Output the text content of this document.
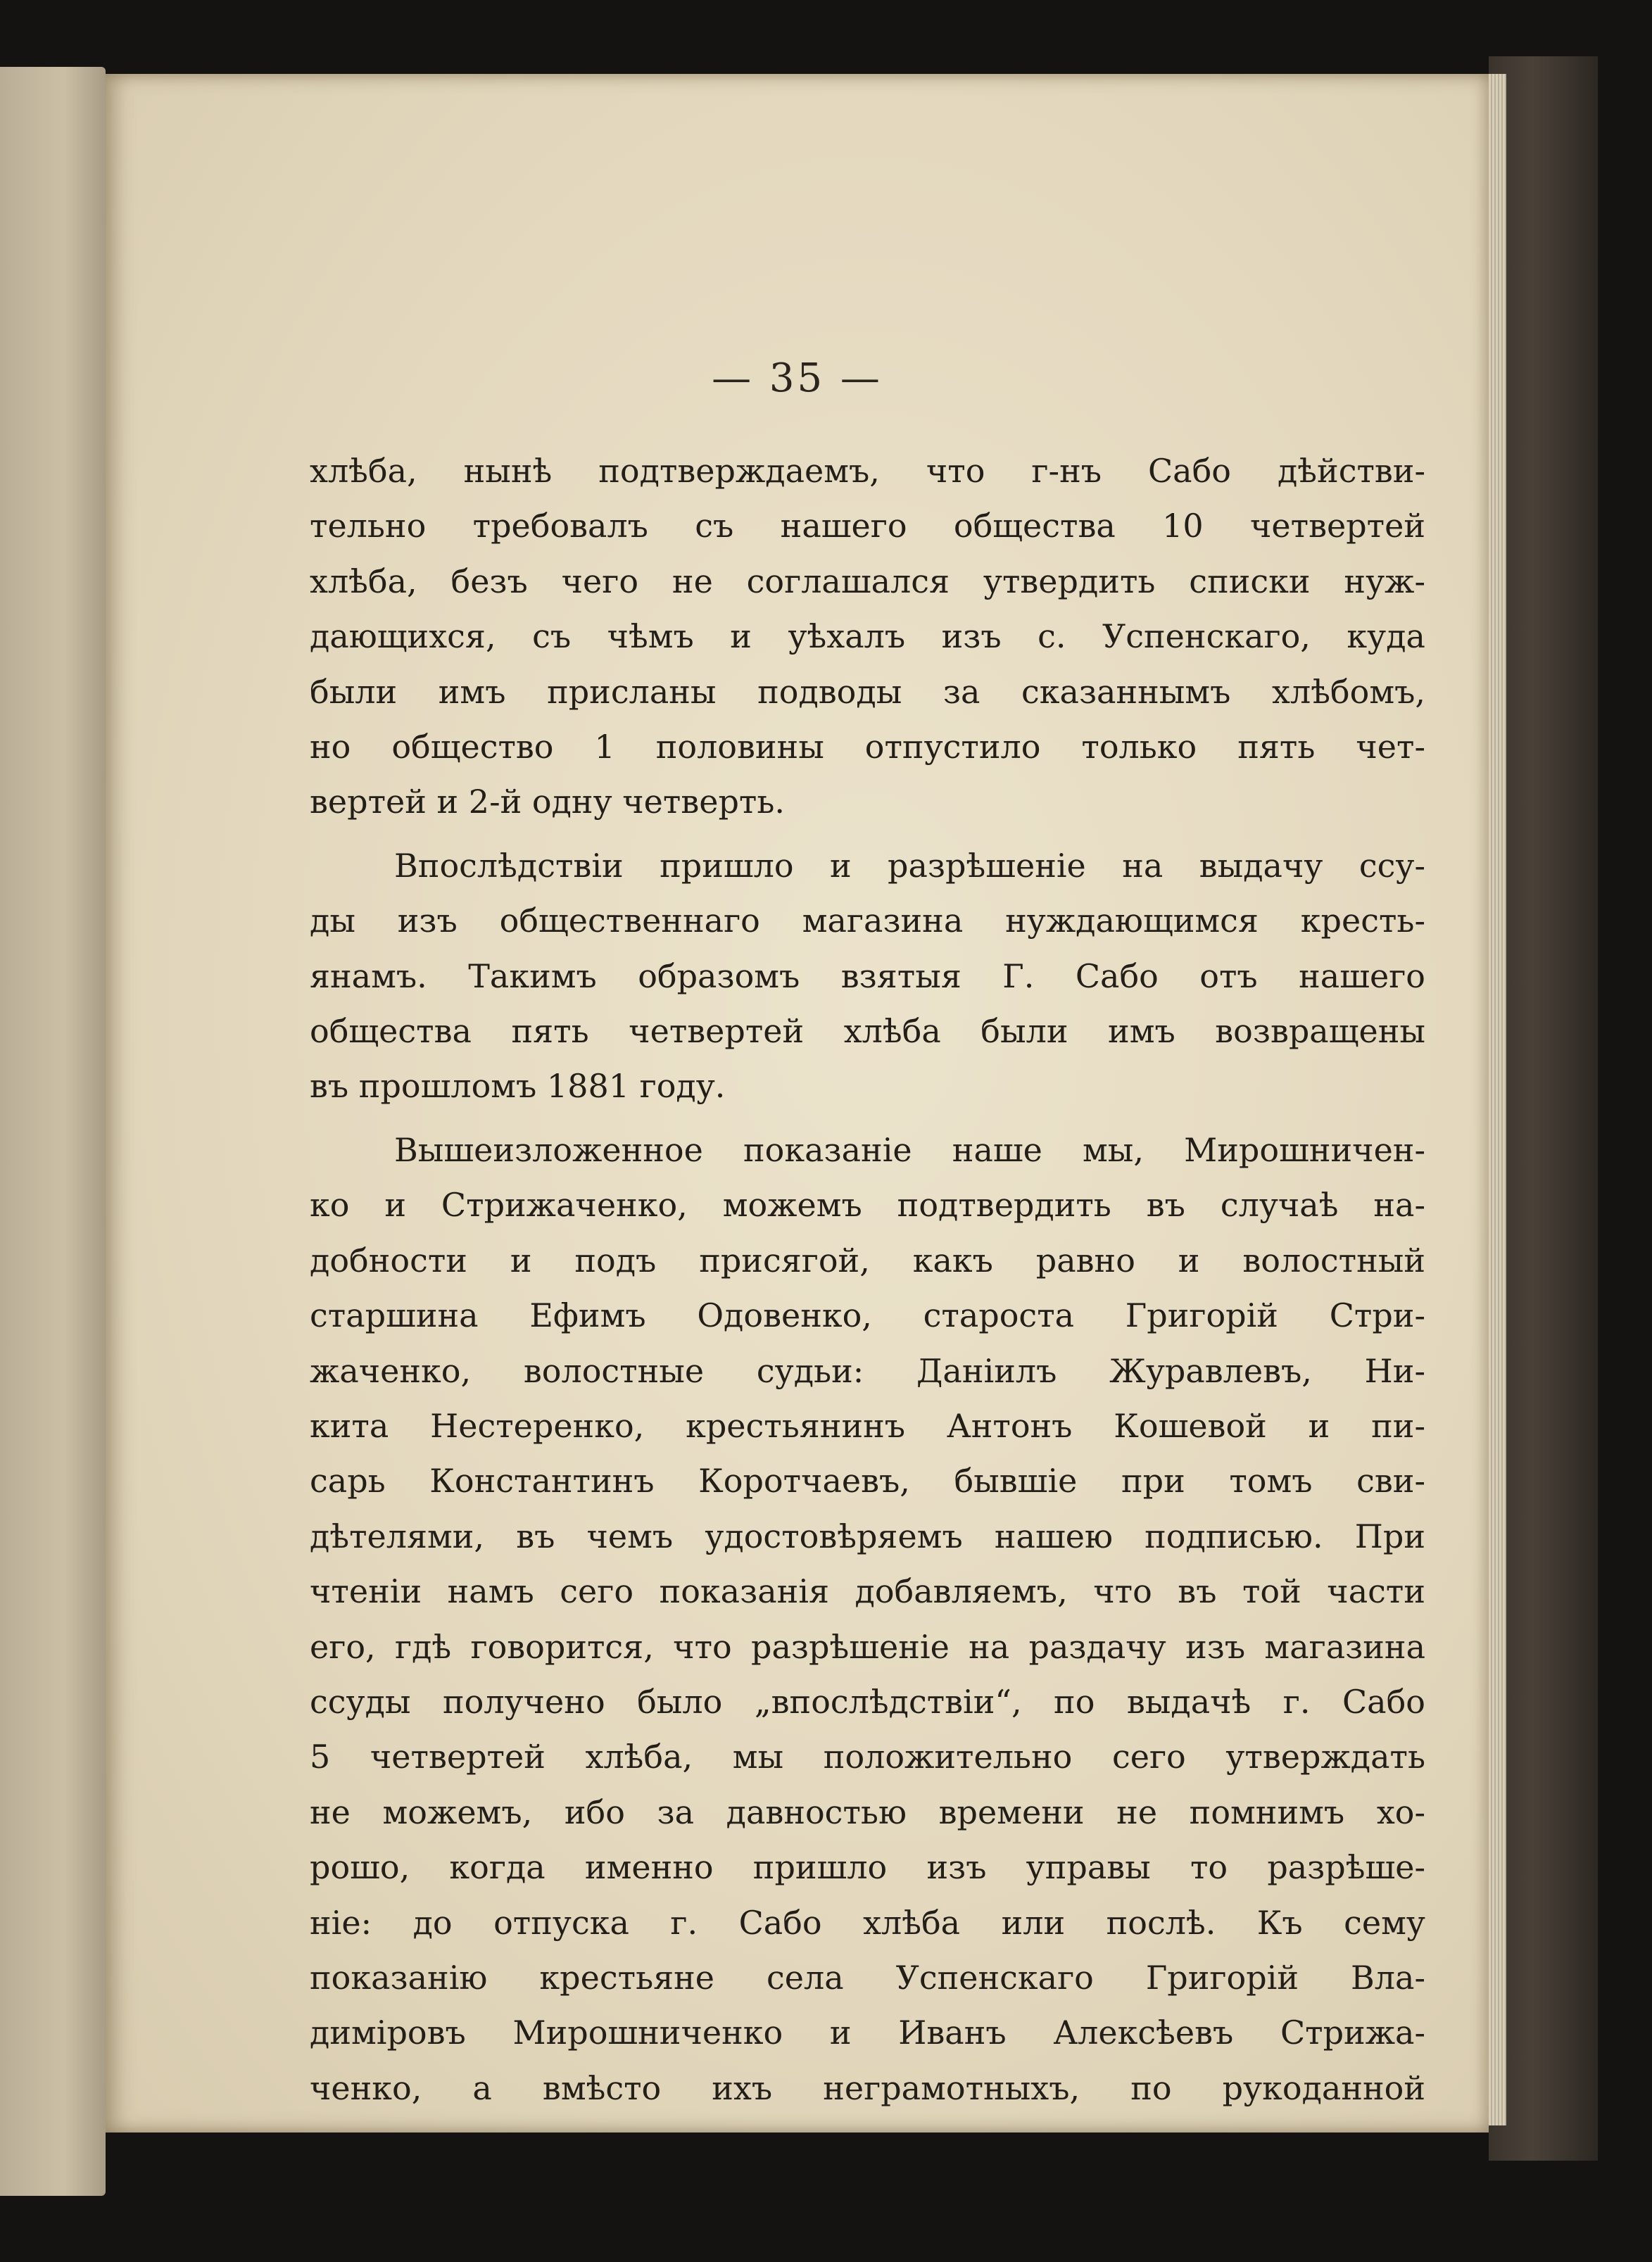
— 35 —

хлѣба, нынѣ подтверждаемъ, что г-нъ Сабо дѣйстви-
тельно требовалъ съ нашего общества 10 четвертей
хлѣба, безъ чего не соглашался утвердить списки нуж-
дающихся, съ чѣмъ и уѣхалъ изъ с. Успенскаго, куда
были имъ присланы подводы за сказаннымъ хлѣбомъ,
но общество 1 половины отпустило только пять чет-
вертей и 2-й одну четверть.

Впослѣдствіи пришло и разрѣшеніе на выдачу ссу-
ды изъ общественнаго магазина нуждающимся кресть-
янамъ. Такимъ образомъ взятыя Г. Сабо отъ нашего
общества пять четвертей хлѣба были имъ возвращены
въ прошломъ 1881 году.

Вышеизложенное показаніе наше мы, Мирошничен-
ко и Стрижаченко, можемъ подтвердить въ случаѣ на-
добности и подъ присягой, какъ равно и волостный
старшина Ефимъ Одовенко, староста Григорій Стри-
жаченко, волостные судьи: Даніилъ Журавлевъ, Ни-
кита Нестеренко, крестьянинъ Антонъ Кошевой и пи-
сарь Константинъ Коротчаевъ, бывшіе при томъ сви-
дѣтелями, въ чемъ удостовѣряемъ нашею подписью. При
чтеніи намъ сего показанія добавляемъ, что въ той части
его, гдѣ говорится, что разрѣшеніе на раздачу изъ магазина
ссуды получено было „впослѣдствіи“, по выдачѣ г. Сабо
5 четвертей хлѣба, мы положительно сего утверждать
не можемъ, ибо за давностью времени не помнимъ хо-
рошо, когда именно пришло изъ управы то разрѣше-
ніе: до отпуска г. Сабо хлѣба или послѣ. Къ сему
показанію крестьяне села Успенскаго Григорій Вла-
диміровъ Мирошниченко и Иванъ Алексѣевъ Стрижа-
ченко, а вмѣсто ихъ неграмотныхъ, по рукоданной
